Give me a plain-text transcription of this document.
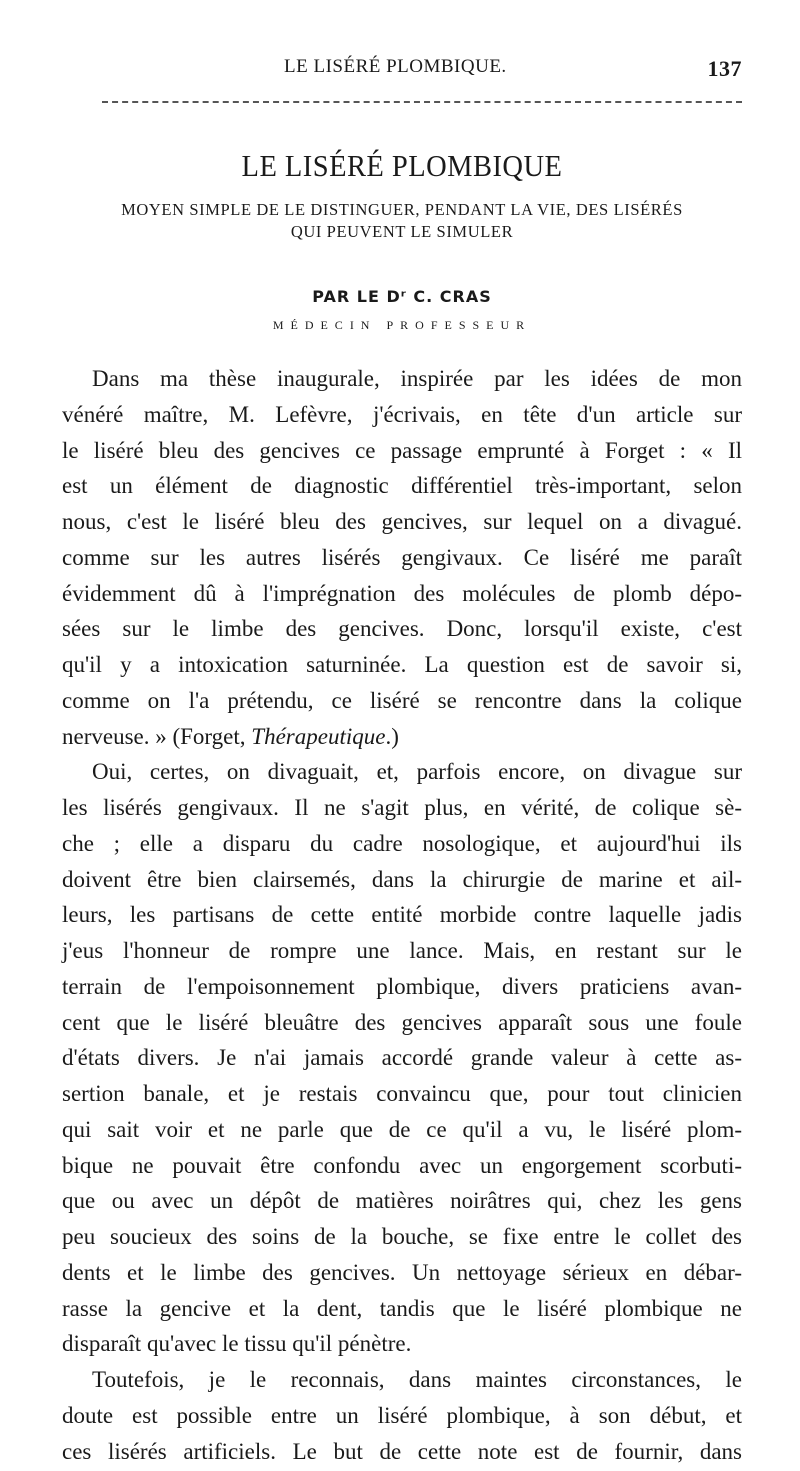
LE LISÉRÉ PLOMBIQUE.	137
LE LISÉRÉ PLOMBIQUE
MOYEN SIMPLE DE LE DISTINGUER, PENDANT LA VIE, DES LISÉRÉS
QUI PEUVENT LE SIMULER
PAR LE Dʳ C. CRAS
MÉDECIN PROFESSEUR
Dans ma thèse inaugurale, inspirée par les idées de mon
vénéré maître, M. Lefèvre, j'écrivais, en tête d'un article sur
le liséré bleu des gencives ce passage emprunté à Forget : « Il
est un élément de diagnostic différentiel très-important, selon
nous, c'est le liséré bleu des gencives, sur lequel on a divagué.
comme sur les autres lisérés gengivaux. Ce liséré me paraît
évidemment dû à l'imprégnation des molécules de plomb dépo-
sées sur le limbe des gencives. Donc, lorsqu'il existe, c'est
qu'il y a intoxication saturninée. La question est de savoir si,
comme on l'a prétendu, ce liséré se rencontre dans la colique
nerveuse. » (Forget, Thérapeutique.)
Oui, certes, on divaguait, et, parfois encore, on divague sur
les lisérés gengivaux. Il ne s'agit plus, en vérité, de colique sè-
che ; elle a disparu du cadre nosologique, et aujourd'hui ils
doivent être bien clairsemés, dans la chirurgie de marine et ail-
leurs, les partisans de cette entité morbide contre laquelle jadis
j'eus l'honneur de rompre une lance. Mais, en restant sur le
terrain de l'empoisonnement plombique, divers praticiens avan-
cent que le liséré bleuâtre des gencives apparaît sous une foule
d'états divers. Je n'ai jamais accordé grande valeur à cette as-
sertion banale, et je restais convaincu que, pour tout clinicien
qui sait voir et ne parle que de ce qu'il a vu, le liséré plom-
bique ne pouvait être confondu avec un engorgement scorbuti-
que ou avec un dépôt de matières noirâtres qui, chez les gens
peu soucieux des soins de la bouche, se fixe entre le collet des
dents et le limbe des gencives. Un nettoyage sérieux en débar-
rasse la gencive et la dent, tandis que le liséré plombique ne
disparaît qu'avec le tissu qu'il pénètre.
Toutefois, je le reconnais, dans maintes circonstances, le
doute est possible entre un liséré plombique, à son début, et
ces lisérés artificiels. Le but de cette note est de fournir, dans
